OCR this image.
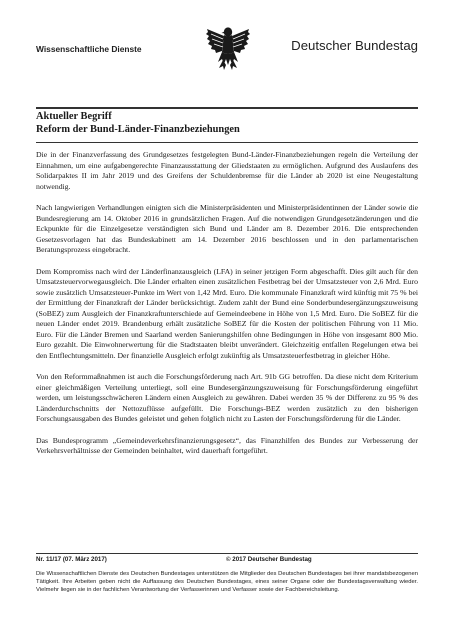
Wissenschaftliche Dienste	Deutscher Bundestag
Aktueller Begriff
Reform der Bund-Länder-Finanzbeziehungen

Die in der Finanzverfassung des Grundgesetzes festgelegten Bund-Länder-Finanzbeziehungen regeln die Verteilung der Einnahmen, um eine aufgabengerechte Finanzausstattung der Gliedstaaten zu ermöglichen. Aufgrund des Auslaufens des Solidarpaktes II im Jahr 2019 und des Greifens der Schuldenbremse für die Länder ab 2020 ist eine Neugestaltung notwendig.

Nach langwierigen Verhandlungen einigten sich die Ministerpräsidenten und Ministerpräsidentinnen der Länder sowie die Bundesregierung am 14. Oktober 2016 in grundsätzlichen Fragen. Auf die notwendigen Grundgesetzänderungen und die Eckpunkte für die Einzelgesetze verständigten sich Bund und Länder am 8. Dezember 2016. Die entsprechenden Gesetzesvorlagen hat das Bundeskabinett am 14. Dezember 2016 beschlossen und in den parlamentarischen Beratungsprozess eingebracht.

Dem Kompromiss nach wird der Länderfinanzausgleich (LFA) in seiner jetzigen Form abgeschafft. Dies gilt auch für den Umsatzsteuervorwegausgleich. Die Länder erhalten einen zusätzlichen Festbetrag bei der Umsatzsteuer von 2,6 Mrd. Euro sowie zusätzlich Umsatzsteuer-Punkte im Wert von 1,42 Mrd. Euro. Die kommunale Finanzkraft wird künftig mit 75 % bei der Ermittlung der Finanzkraft der Länder berücksichtigt. Zudem zahlt der Bund eine Sonderbundesergänzungszuweisung (SoBEZ) zum Ausgleich der Finanzkraftunterschiede auf Gemeindeebene in Höhe von 1,5 Mrd. Euro. Die SoBEZ für die neuen Länder endet 2019. Brandenburg erhält zusätzliche SoBEZ für die Kosten der politischen Führung von 11 Mio. Euro. Für die Länder Bremen und Saarland werden Sanierungshilfen ohne Bedingungen in Höhe von insgesamt 800 Mio. Euro gezahlt. Die Einwohnerwertung für die Stadtstaaten bleibt unverändert. Gleichzeitig entfallen Regelungen etwa bei den Entflechtungsmitteln. Der finanzielle Ausgleich erfolgt zukünftig als Umsatzsteuerfestbetrag in gleicher Höhe.

Von den Reformmaßnahmen ist auch die Forschungsförderung nach Art. 91b GG betroffen. Da diese nicht dem Kriterium einer gleichmäßigen Verteilung unterliegt, soll eine Bundesergänzungszuweisung für Forschungsförderung eingeführt werden, um leistungsschwächeren Ländern einen Ausgleich zu gewähren. Dabei werden 35 % der Differenz zu 95 % des Länderdurchschnitts der Nettozuflüsse aufgefüllt. Die Forschungs-BEZ werden zusätzlich zu den bisherigen Forschungsausgaben des Bundes geleistet und gehen folglich nicht zu Lasten der Forschungsförderung für die Länder.

Das Bundesprogramm „Gemeindeverkehrsfinanzierungsgesetz“, das Finanzhilfen des Bundes zur Verbesserung der Verkehrsverhältnisse der Gemeinden beinhaltet, wird dauerhaft fortgeführt.

Nr. 11/17 (07. März 2017)	© 2017 Deutscher Bundestag
Die Wissenschaftlichen Dienste des Deutschen Bundestages unterstützen die Mitglieder des Deutschen Bundestages bei ihrer mandatsbezogenen Tätigkeit. Ihre Arbeiten geben nicht die Auffassung des Deutschen Bundestages, eines seiner Organe oder der Bundestagsverwaltung wieder. Vielmehr liegen sie in der fachlichen Verantwortung der Verfasserinnen und Verfasser sowie der Fachbereichsleitung.
